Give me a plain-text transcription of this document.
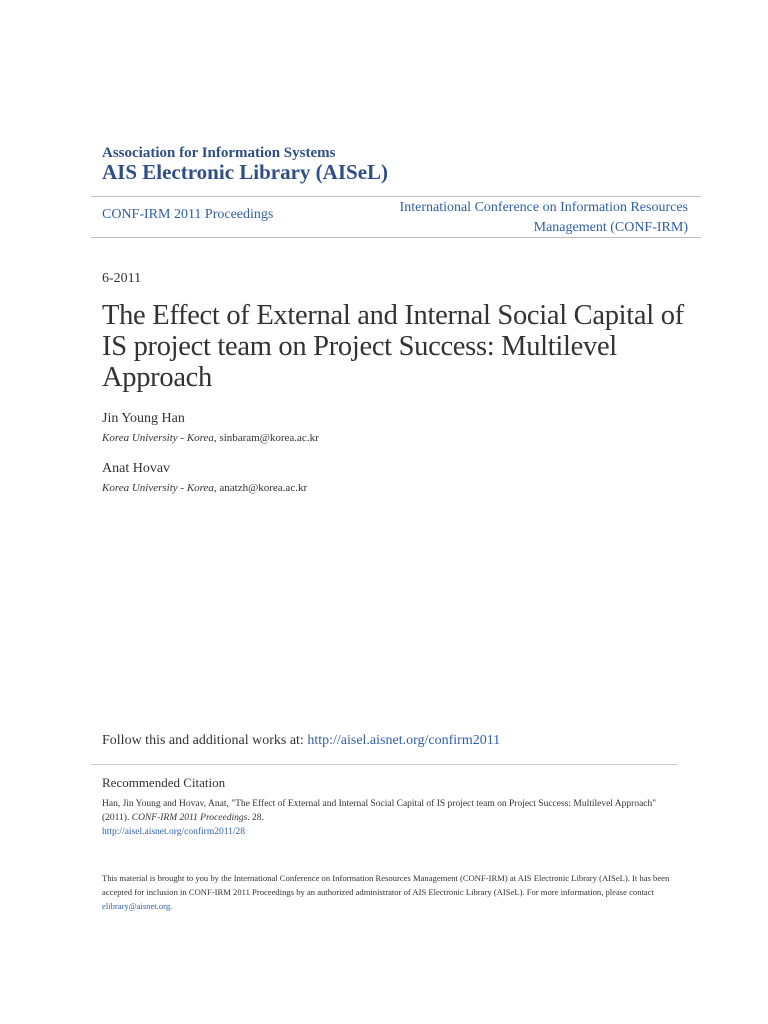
Association for Information Systems
AIS Electronic Library (AISeL)
CONF-IRM 2011 Proceedings	International Conference on Information Resources Management (CONF-IRM)
6-2011
The Effect of External and Internal Social Capital of IS project team on Project Success: Multilevel Approach
Jin Young Han
Korea University - Korea, sinbaram@korea.ac.kr
Anat Hovav
Korea University - Korea, anatzh@korea.ac.kr
Follow this and additional works at: http://aisel.aisnet.org/confirm2011
Recommended Citation
Han, Jin Young and Hovav, Anat, "The Effect of External and Internal Social Capital of IS project team on Project Success: Multilevel Approach" (2011). CONF-IRM 2011 Proceedings. 28.
http://aisel.aisnet.org/confirm2011/28
This material is brought to you by the International Conference on Information Resources Management (CONF-IRM) at AIS Electronic Library (AISeL). It has been accepted for inclusion in CONF-IRM 2011 Proceedings by an authorized administrator of AIS Electronic Library (AISeL). For more information, please contact elibrary@aisnet.org.
